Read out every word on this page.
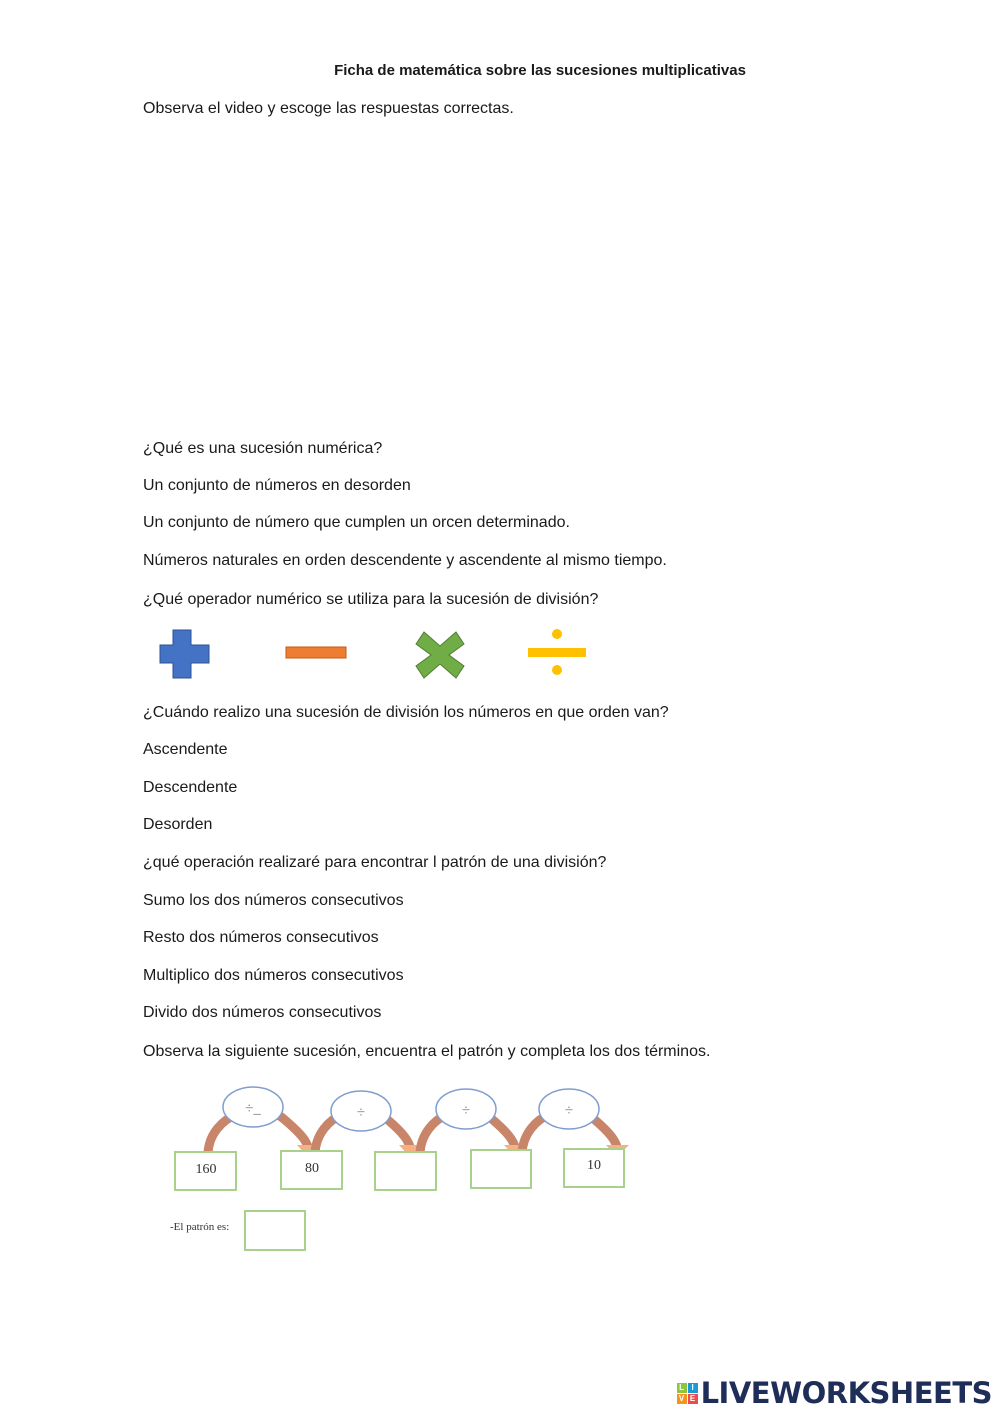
Ficha de matemática sobre las sucesiones multiplicativas
Observa el video y escoge las respuestas correctas.
¿Qué es una sucesión numérica?
Un conjunto de números en desorden
Un conjunto de número que cumplen un orcen determinado.
Números naturales en orden descendente y ascendente al mismo tiempo.
¿Qué operador numérico se utiliza para la sucesión de división?
¿Cuándo realizo una sucesión de división los números en que orden van?
Ascendente
Descendente
Desorden
¿qué operación realizaré para encontrar l patrón de una división?
Sumo los dos números consecutivos
Resto dos números consecutivos
Multiplico dos números consecutivos
Divido dos números consecutivos
Observa la siguiente sucesión, encuentra el patrón y completa los dos términos.
÷_	÷	÷	÷
160	80	10
-El patrón es:
L I
V E LIVEWORKSHEETS
